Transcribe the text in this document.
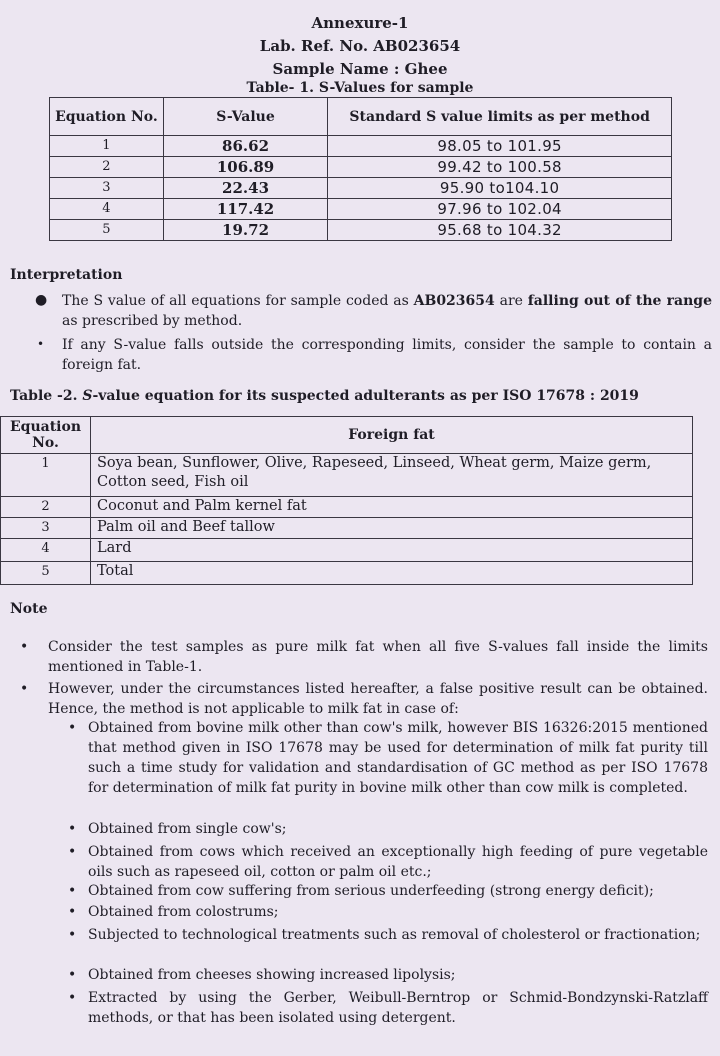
Annexure-1
Lab. Ref. No. AB023654
Sample Name : Ghee
Table- 1. S-Values for sample
Equation No.	S-Value	Standard S value limits as per method
1	86.62	98.05 to 101.95
2	106.89	99.42 to 100.58
3	22.43	95.90 to104.10
4	117.42	97.96 to 102.04
5	19.72	95.68 to 104.32
Interpretation
● The S value of all equations for sample coded as AB023654 are falling out of the range as prescribed by method.
• If any S-value falls outside the corresponding limits, consider the sample to contain a foreign fat.
Table -2. S-value equation for its suspected adulterants as per ISO 17678 : 2019
Equation No.	Foreign fat
1	Soya bean, Sunflower, Olive, Rapeseed, Linseed, Wheat germ, Maize germ, Cotton seed, Fish oil
2	Coconut and Palm kernel fat
3	Palm oil and Beef tallow
4	Lard
5	Total
Note
• Consider the test samples as pure milk fat when all five S-values fall inside the limits mentioned in Table-1.
• However, under the circumstances listed hereafter, a false positive result can be obtained. Hence, the method is not applicable to milk fat in case of:
• Obtained from bovine milk other than cow's milk, however BIS 16326:2015 mentioned that method given in ISO 17678 may be used for determination of milk fat purity till such a time study for validation and standardisation of GC method as per ISO 17678 for determination of milk fat purity in bovine milk other than cow milk is completed.
• Obtained from single cow's;
• Obtained from cows which received an exceptionally high feeding of pure vegetable oils such as rapeseed oil, cotton or palm oil etc.;
• Obtained from cow suffering from serious underfeeding (strong energy deficit);
• Obtained from colostrums;
• Subjected to technological treatments such as removal of cholesterol or fractionation;
• Obtained from cheeses showing increased lipolysis;
• Extracted by using the Gerber, Weibull-Berntrop or Schmid-Bondzynski-Ratzlaff methods, or that has been isolated using detergent.
